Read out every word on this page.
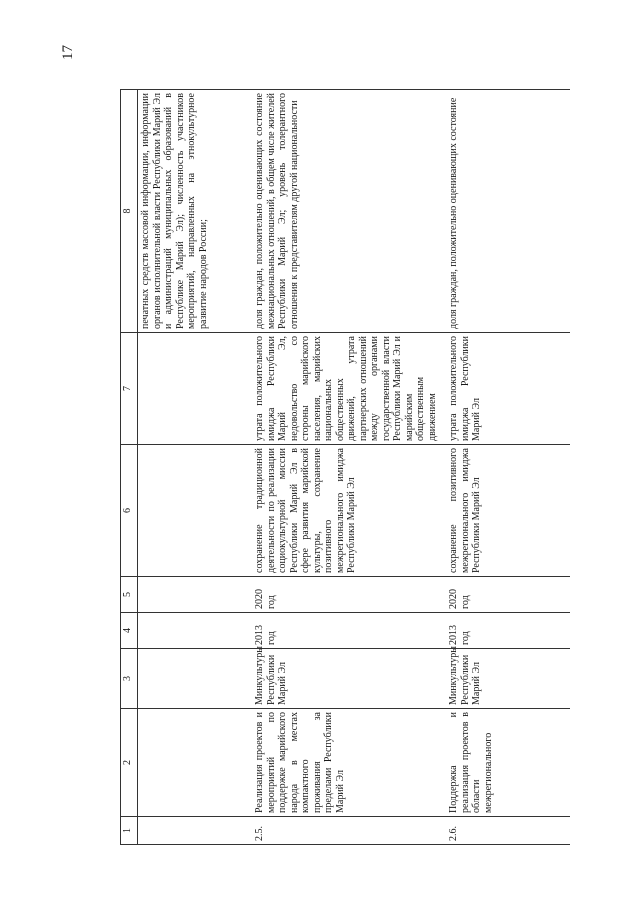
17
1	2	3	4	5	6	7	8
							печатных средств массовой информации, информации органов исполнительной власти Республики Марий Эл и администраций муниципальных образований в Республике Марий Эл); численность участников мероприятий, направленных на этнокультурное развитие народов России;
2.5.	Реализация проектов и мероприятий по поддержке марийского народа в местах компактного проживания за пределами Республики Марий Эл	Минкультуры Республики Марий Эл	2013 год	2020 год	сохранение традиционной деятельности по реализации социокультурной миссии Республики Марий Эл в сфере развития марийской культуры, сохранение позитивного межрегионального имиджа Республики Марий Эл	утрата положительного имиджа Республики Марий Эл, недовольство со стороны марийского населения, марийских национальных общественных движений, утрата партнерских отношений между органами государственной власти Республики Марий Эл и марийским общественным движением	доля граждан, положительно оценивающих состояние межнациональных отношений, в общем числе жителей Республики Марий Эл; уровень толерантного отношения к представителям другой национальности
2.6.	Поддержка и реализация проектов в области межрегионального	Минкультуры Республики Марий Эл	2013 год	2020 год	сохранение позитивного межрегионального имиджа Республики Марий Эл	утрата положительного имиджа Республики Марий Эл	доля граждан, положительно оценивающих состояние
